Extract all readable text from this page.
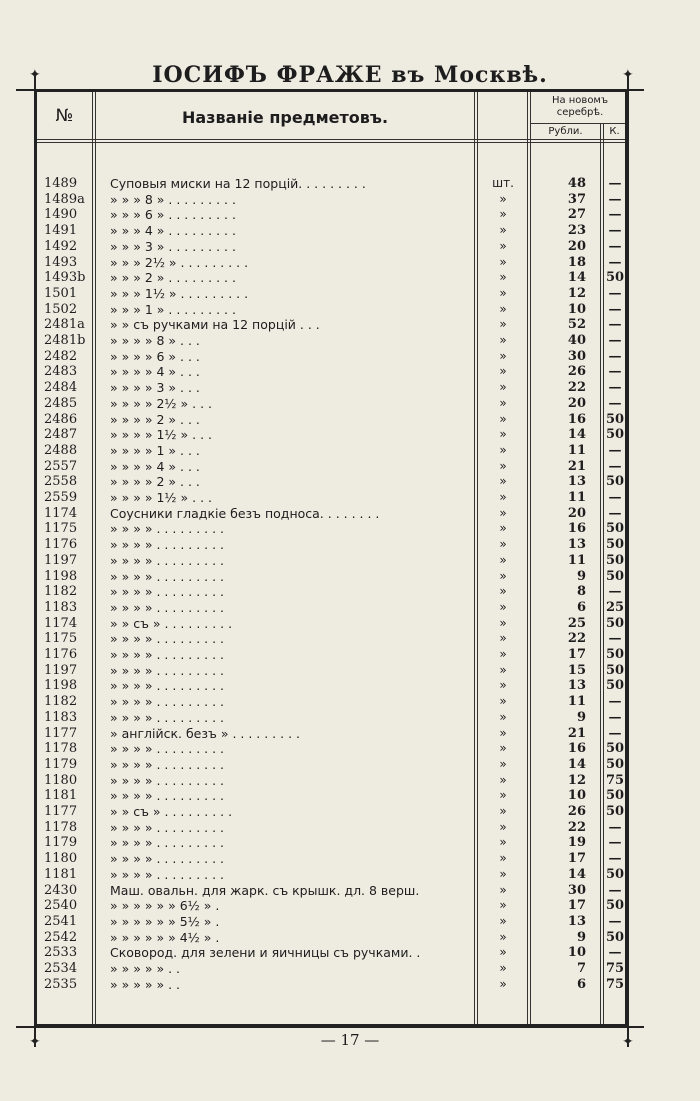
ІОСИФЪ ФРАЖЕ въ Москвѣ.
✦	✦
✦	✦
№	Названіе предметовъ.
На новомъ серебрѣ.
Рубли.	К.
1489	Суповыя миски на 12 порцій. . . . . . . . .	шт.	48	—
1489a	» » » 8 » . . . . . . . . .	»	37	—
1490	» » » 6 » . . . . . . . . .	»	27	—
1491	» » » 4 » . . . . . . . . .	»	23	—
1492	» » » 3 » . . . . . . . . .	»	20	—
1493	» » » 2½ » . . . . . . . . .	»	18	—
1493b	» » » 2 » . . . . . . . . .	»	14	50
1501	» » » 1½ » . . . . . . . . .	»	12	—
1502	» » » 1 » . . . . . . . . .	»	10	—
2481a	» » съ ручками на 12 порцій . . .	»	52	—
2481b	» » » » 8 » . . .	»	40	—
2482	» » » » 6 » . . .	»	30	—
2483	» » » » 4 » . . .	»	26	—
2484	» » » » 3 » . . .	»	22	—
2485	» » » » 2½ » . . .	»	20	—
2486	» » » » 2 » . . .	»	16	50
2487	» » » » 1½ » . . .	»	14	50
2488	» » » » 1 » . . .	»	11	—
2557	» » » » 4 » . . .	»	21	—
2558	» » » » 2 » . . .	»	13	50
2559	» » » » 1½ » . . .	»	11	—
1174	Соусники гладкіе безъ подноса. . . . . . . .	»	20	—
1175	» » » » . . . . . . . . .	»	16	50
1176	» » » » . . . . . . . . .	»	13	50
1197	» » » » . . . . . . . . .	»	11	50
1198	» » » » . . . . . . . . .	»	9	50
1182	» » » » . . . . . . . . .	»	8	—
1183	» » » » . . . . . . . . .	»	6	25
1174	» » съ » . . . . . . . . .	»	25	50
1175	» » » » . . . . . . . . .	»	22	—
1176	» » » » . . . . . . . . .	»	17	50
1197	» » » » . . . . . . . . .	»	15	50
1198	» » » » . . . . . . . . .	»	13	50
1182	» » » » . . . . . . . . .	»	11	—
1183	» » » » . . . . . . . . .	»	9	—
1177	» англійск. безъ » . . . . . . . . .	»	21	—
1178	» » » » . . . . . . . . .	»	16	50
1179	» » » » . . . . . . . . .	»	14	50
1180	» » » » . . . . . . . . .	»	12	75
1181	» » » » . . . . . . . . .	»	10	50
1177	» » съ » . . . . . . . . .	»	26	50
1178	» » » » . . . . . . . . .	»	22	—
1179	» » » » . . . . . . . . .	»	19	—
1180	» » » » . . . . . . . . .	»	17	—
1181	» » » » . . . . . . . . .	»	14	50
2430	Маш. овальн. для жарк. съ крышк. дл. 8 верш.	»	30	—
2540	» » » » » » 6½ » .	»	17	50
2541	» » » » » » 5½ » .	»	13	—
2542	» » » » » » 4½ » .	»	9	50
2533	Сковород. для зелени и яичницы съ ручками. .	»	10	—
2534	» » » » » . .	»	7	75
2535	» » » » » . .	»	6	75
— 17 —
